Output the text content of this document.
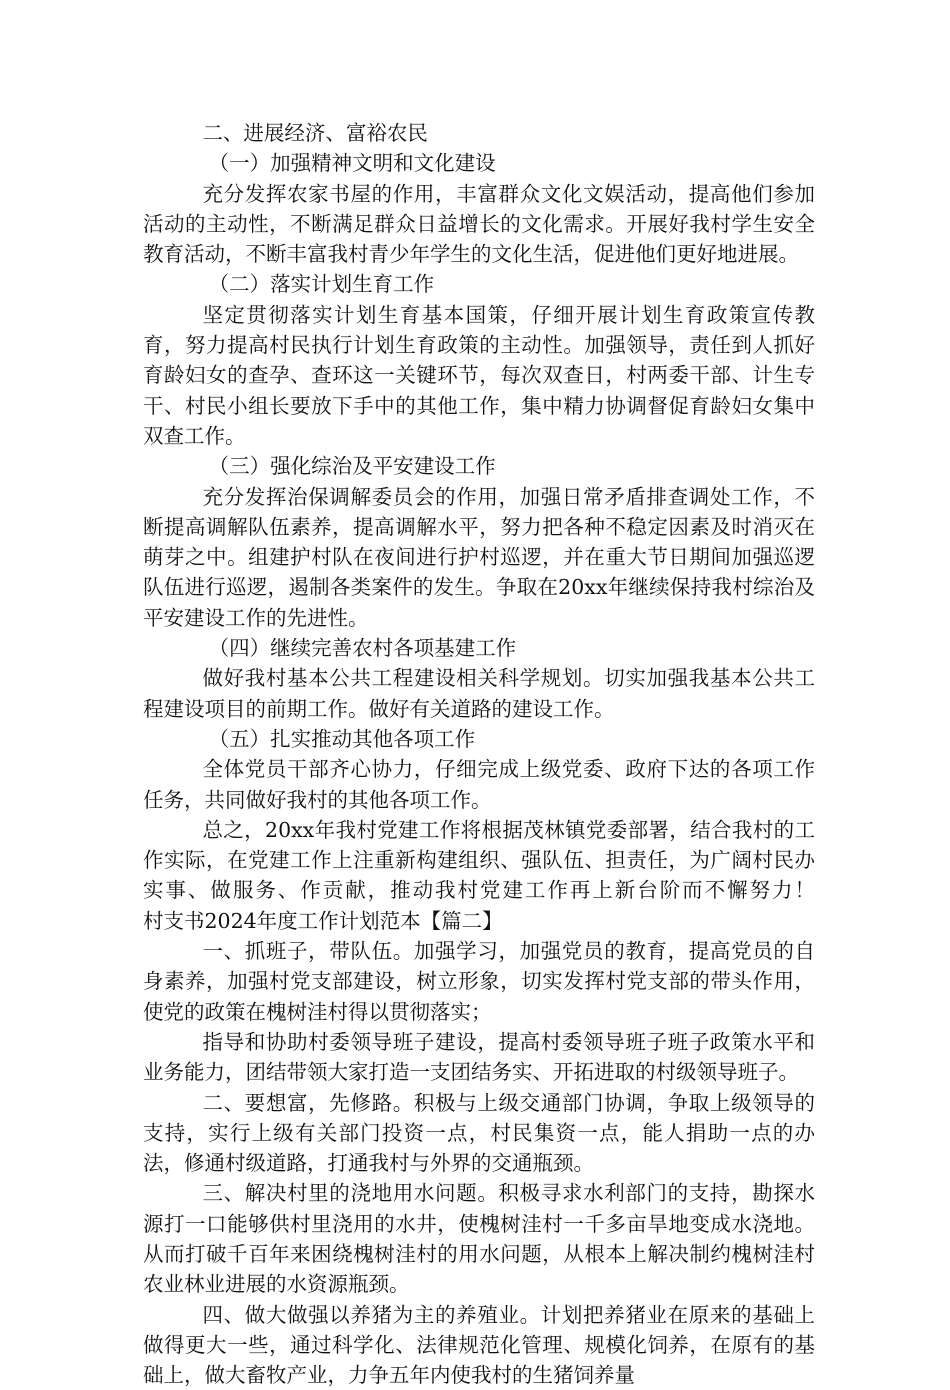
二、进展经济、富裕农民

（一）加强精神文明和文化建设

充分发挥农家书屋的作用，丰富群众文化文娱活动，提高他们参加活动的主动性，不断满足群众日益增长的文化需求。开展好我村学生安全教育活动，不断丰富我村青少年学生的文化生活，促进他们更好地进展。

（二）落实计划生育工作

坚定贯彻落实计划生育基本国策，仔细开展计划生育政策宣传教育，努力提高村民执行计划生育政策的主动性。加强领导，责任到人抓好育龄妇女的查孕、查环这一关键环节，每次双查日，村两委干部、计生专干、村民小组长要放下手中的其他工作，集中精力协调督促育龄妇女集中双查工作。

（三）强化综治及平安建设工作

充分发挥治保调解委员会的作用，加强日常矛盾排查调处工作，不断提高调解队伍素养，提高调解水平，努力把各种不稳定因素及时消灭在萌芽之中。组建护村队在夜间进行护村巡逻，并在重大节日期间加强巡逻队伍进行巡逻，遏制各类案件的发生。争取在20xx年继续保持我村综治及平安建设工作的先进性。

（四）继续完善农村各项基建工作

做好我村基本公共工程建设相关科学规划。切实加强我基本公共工程建设项目的前期工作。做好有关道路的建设工作。

（五）扎实推动其他各项工作

全体党员干部齐心协力，仔细完成上级党委、政府下达的各项工作任务，共同做好我村的其他各项工作。

总之，20xx年我村党建工作将根据茂林镇党委部署，结合我村的工作实际，在党建工作上注重新构建组织、强队伍、担责任，为广阔村民办实事、做服务、作贡献，推动我村党建工作再上新台阶而不懈努力！　　 村支书2024年度工作计划范本【篇二】

一、抓班子，带队伍。加强学习，加强党员的教育，提高党员的自身素养，加强村党支部建设，树立形象，切实发挥村党支部的带头作用，使党的政策在槐树洼村得以贯彻落实；

指导和协助村委领导班子建设，提高村委领导班子班子政策水平和业务能力，团结带领大家打造一支团结务实、开拓进取的村级领导班子。

二、要想富，先修路。积极与上级交通部门协调，争取上级领导的支持，实行上级有关部门投资一点，村民集资一点，能人捐助一点的办法，修通村级道路，打通我村与外界的交通瓶颈。

三、解决村里的浇地用水问题。积极寻求水利部门的支持，勘探水源打一口能够供村里浇用的水井，使槐树洼村一千多亩旱地变成水浇地。从而打破千百年来困绕槐树洼村的用水问题，从根本上解决制约槐树洼村农业林业进展的水资源瓶颈。

四、做大做强以养猪为主的养殖业。计划把养猪业在原来的基础上做得更大一些，通过科学化、法律规范化管理、规模化饲养，在原有的基础上，做大畜牧产业，力争五年内使我村的生猪饲养量
